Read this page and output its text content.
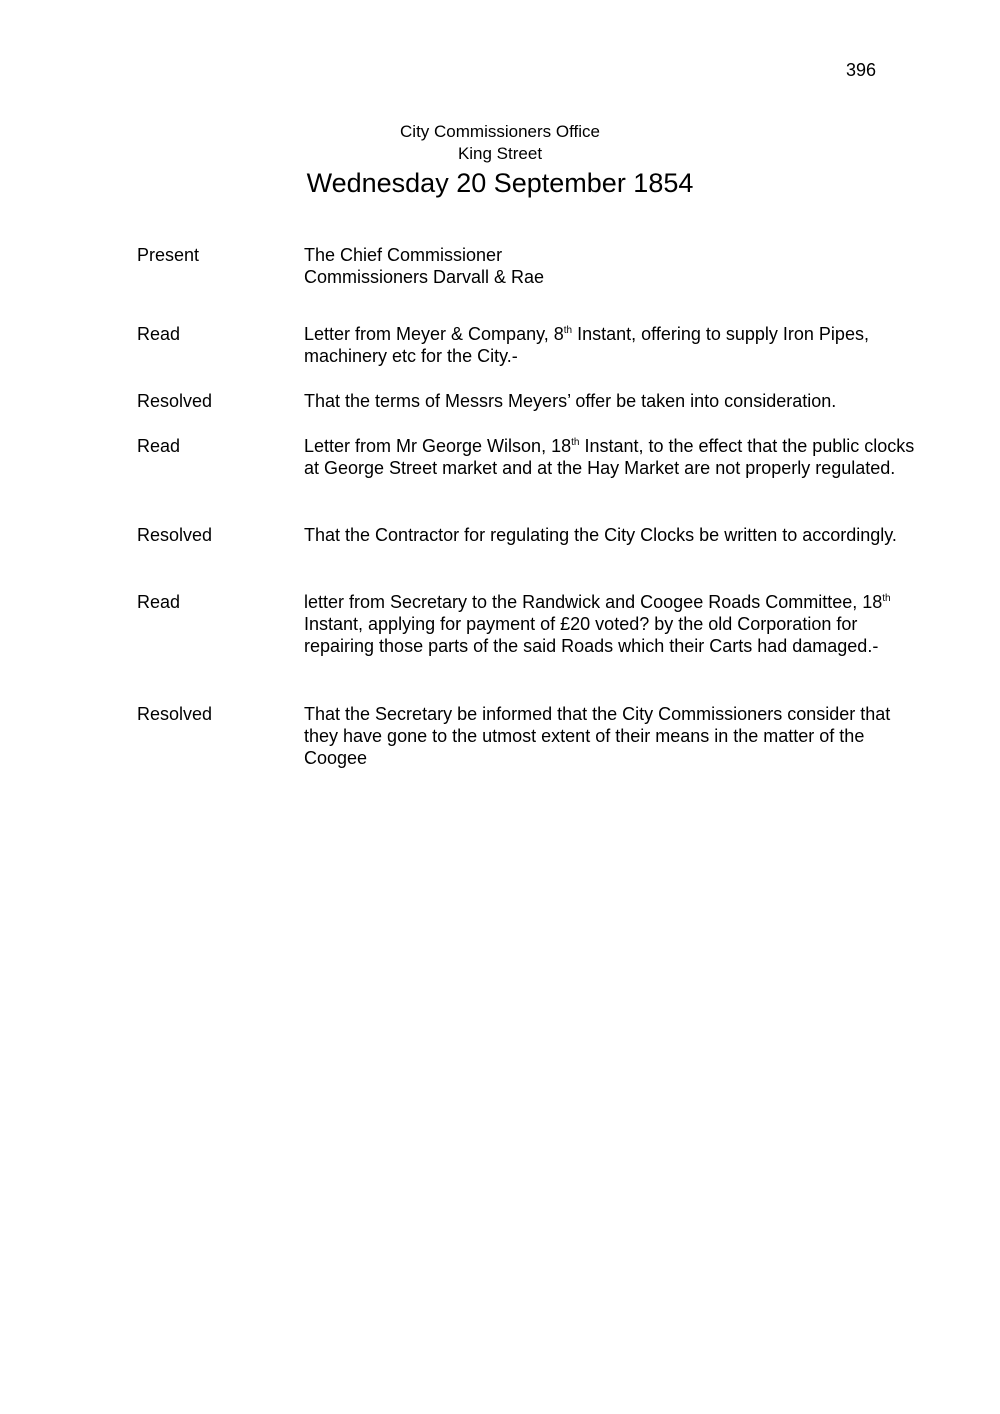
396
City Commissioners Office
King Street
Wednesday 20 September 1854
Present	The Chief Commissioner
Commissioners Darvall & Rae
Read	Letter from Meyer & Company, 8th Instant, offering to supply Iron Pipes, machinery etc for the City.-
Resolved	That the terms of Messrs Meyers’ offer be taken into consideration.
Read	Letter from Mr George Wilson, 18th Instant, to the effect that the public clocks at George Street market and at the Hay Market are not properly regulated.
Resolved	That the Contractor for regulating the City Clocks be written to accordingly.
Read	letter from Secretary to the Randwick and Coogee Roads Committee, 18th Instant, applying for payment of £20 voted? by the old Corporation for repairing those parts of the said Roads which their Carts had damaged.-
Resolved	That the Secretary be informed that the City Commissioners consider that they have gone to the utmost extent of their means in the matter of the Coogee
